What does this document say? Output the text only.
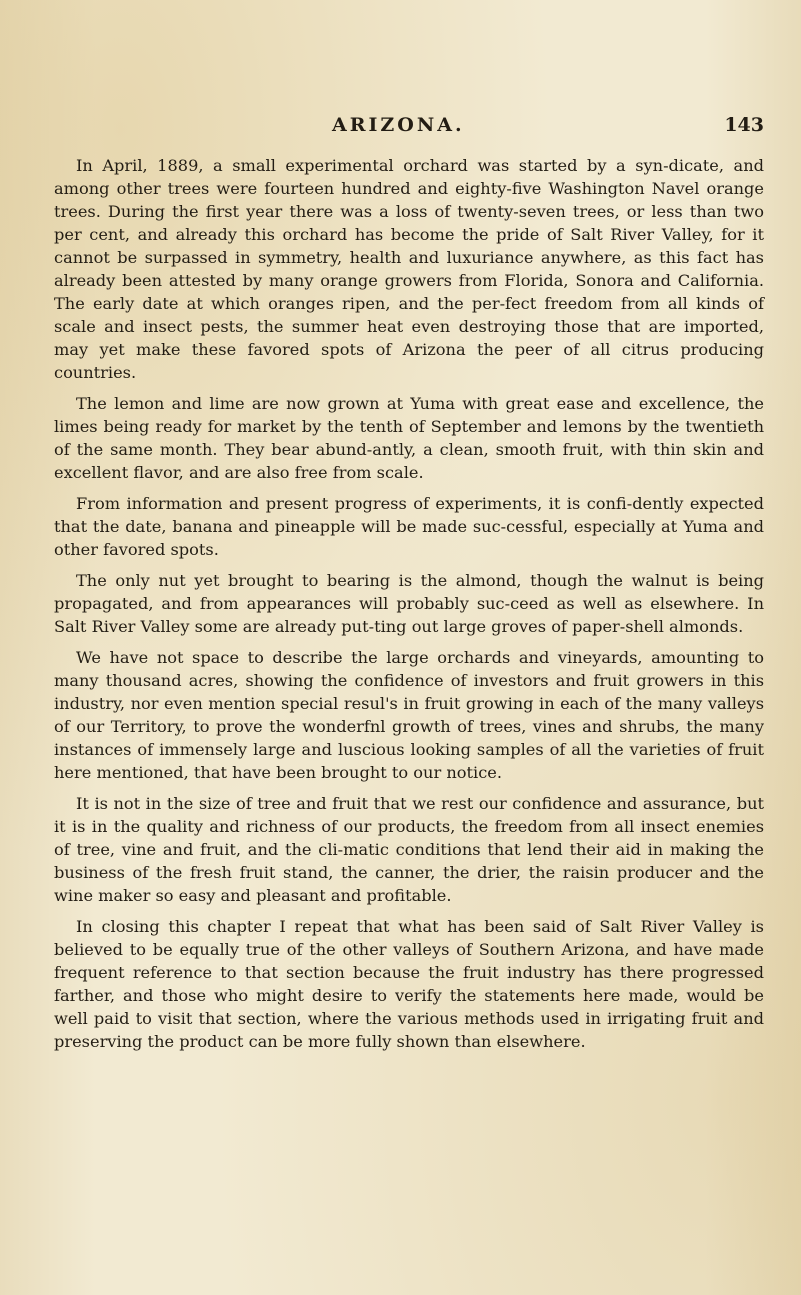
ARIZONA.	143

In April, 1889, a small experimental orchard was started by a syn-dicate, and among other trees were fourteen hundred and eighty-five Washington Navel orange trees. During the first year there was a loss of twenty-seven trees, or less than two per cent, and already this orchard has become the pride of Salt River Valley, for it cannot be surpassed in symmetry, health and luxuriance anywhere, as this fact has already been attested by many orange growers from Florida, Sonora and California. The early date at which oranges ripen, and the per-fect freedom from all kinds of scale and insect pests, the summer heat even destroying those that are imported, may yet make these favored spots of Arizona the peer of all citrus producing countries.

The lemon and lime are now grown at Yuma with great ease and excellence, the limes being ready for market by the tenth of September and lemons by the twentieth of the same month. They bear abund-antly, a clean, smooth fruit, with thin skin and excellent flavor, and are also free from scale.

From information and present progress of experiments, it is confi-dently expected that the date, banana and pineapple will be made suc-cessful, especially at Yuma and other favored spots.

The only nut yet brought to bearing is the almond, though the walnut is being propagated, and from appearances will probably suc-ceed as well as elsewhere. In Salt River Valley some are already put-ting out large groves of paper-shell almonds.

We have not space to describe the large orchards and vineyards, amounting to many thousand acres, showing the confidence of investors and fruit growers in this industry, nor even mention special resul's in fruit growing in each of the many valleys of our Territory, to prove the wonderfnl growth of trees, vines and shrubs, the many instances of immensely large and luscious looking samples of all the varieties of fruit here mentioned, that have been brought to our notice.

It is not in the size of tree and fruit that we rest our confidence and assurance, but it is in the quality and richness of our products, the freedom from all insect enemies of tree, vine and fruit, and the cli-matic conditions that lend their aid in making the business of the fresh fruit stand, the canner, the drier, the raisin producer and the wine maker so easy and pleasant and profitable.

In closing this chapter I repeat that what has been said of Salt River Valley is believed to be equally true of the other valleys of Southern Arizona, and have made frequent reference to that section because the fruit industry has there progressed farther, and those who might desire to verify the statements here made, would be well paid to visit that section, where the various methods used in irrigating fruit and preserving the product can be more fully shown than elsewhere.
